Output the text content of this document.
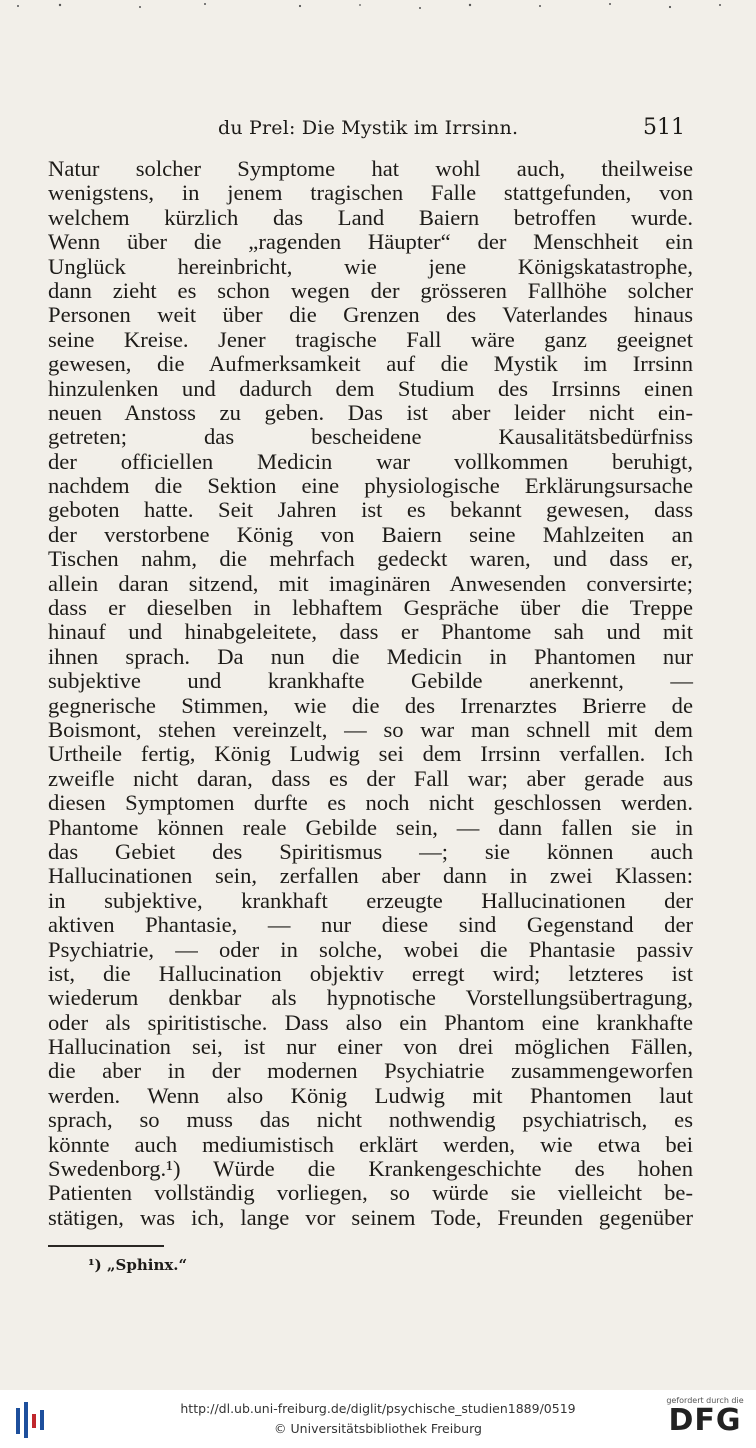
du Prel: Die Mystik im Irrsinn.	511
Natur solcher Symptome hat wohl auch, theilweise
wenigstens, in jenem tragischen Falle stattgefunden, von
welchem kürzlich das Land Baiern betroffen wurde.
Wenn über die „ragenden Häupter“ der Menschheit ein
Unglück hereinbricht, wie jene Königskatastrophe,
dann zieht es schon wegen der grösseren Fallhöhe solcher
Personen weit über die Grenzen des Vaterlandes hinaus
seine Kreise. Jener tragische Fall wäre ganz geeignet
gewesen, die Aufmerksamkeit auf die Mystik im Irrsinn
hinzulenken und dadurch dem Studium des Irrsinns einen
neuen Anstoss zu geben. Das ist aber leider nicht ein-
getreten; das bescheidene Kausalitätsbedürfniss
der officiellen Medicin war vollkommen beruhigt,
nachdem die Sektion eine physiologische Erklärungsursache
geboten hatte. Seit Jahren ist es bekannt gewesen, dass
der verstorbene König von Baiern seine Mahlzeiten an
Tischen nahm, die mehrfach gedeckt waren, und dass er,
allein daran sitzend, mit imaginären Anwesenden conversirte;
dass er dieselben in lebhaftem Gespräche über die Treppe
hinauf und hinabgeleitete, dass er Phantome sah und mit
ihnen sprach. Da nun die Medicin in Phantomen nur
subjektive und krankhafte Gebilde anerkennt, —
gegnerische Stimmen, wie die des Irrenarztes Brierre de
Boismont, stehen vereinzelt, — so war man schnell mit dem
Urtheile fertig, König Ludwig sei dem Irrsinn verfallen. Ich
zweifle nicht daran, dass es der Fall war; aber gerade aus
diesen Symptomen durfte es noch nicht geschlossen werden.
Phantome können reale Gebilde sein, — dann fallen sie in
das Gebiet des Spiritismus —; sie können auch
Hallucinationen sein, zerfallen aber dann in zwei Klassen:
in subjektive, krankhaft erzeugte Hallucinationen der
aktiven Phantasie, — nur diese sind Gegenstand der
Psychiatrie, — oder in solche, wobei die Phantasie passiv
ist, die Hallucination objektiv erregt wird; letzteres ist
wiederum denkbar als hypnotische Vorstellungsübertragung,
oder als spiritistische. Dass also ein Phantom eine krankhafte
Hallucination sei, ist nur einer von drei möglichen Fällen,
die aber in der modernen Psychiatrie zusammengeworfen
werden. Wenn also König Ludwig mit Phantomen laut
sprach, so muss das nicht nothwendig psychiatrisch, es
könnte auch mediumistisch erklärt werden, wie etwa bei
Swedenborg.¹) Würde die Krankengeschichte des hohen
Patienten vollständig vorliegen, so würde sie vielleicht be-
stätigen, was ich, lange vor seinem Tode, Freunden gegenüber
¹) „Sphinx.“
http://dl.ub.uni-freiburg.de/diglit/psychische_studien1889/0519
© Universitätsbibliothek Freiburg
gefordert durch die
DFG
